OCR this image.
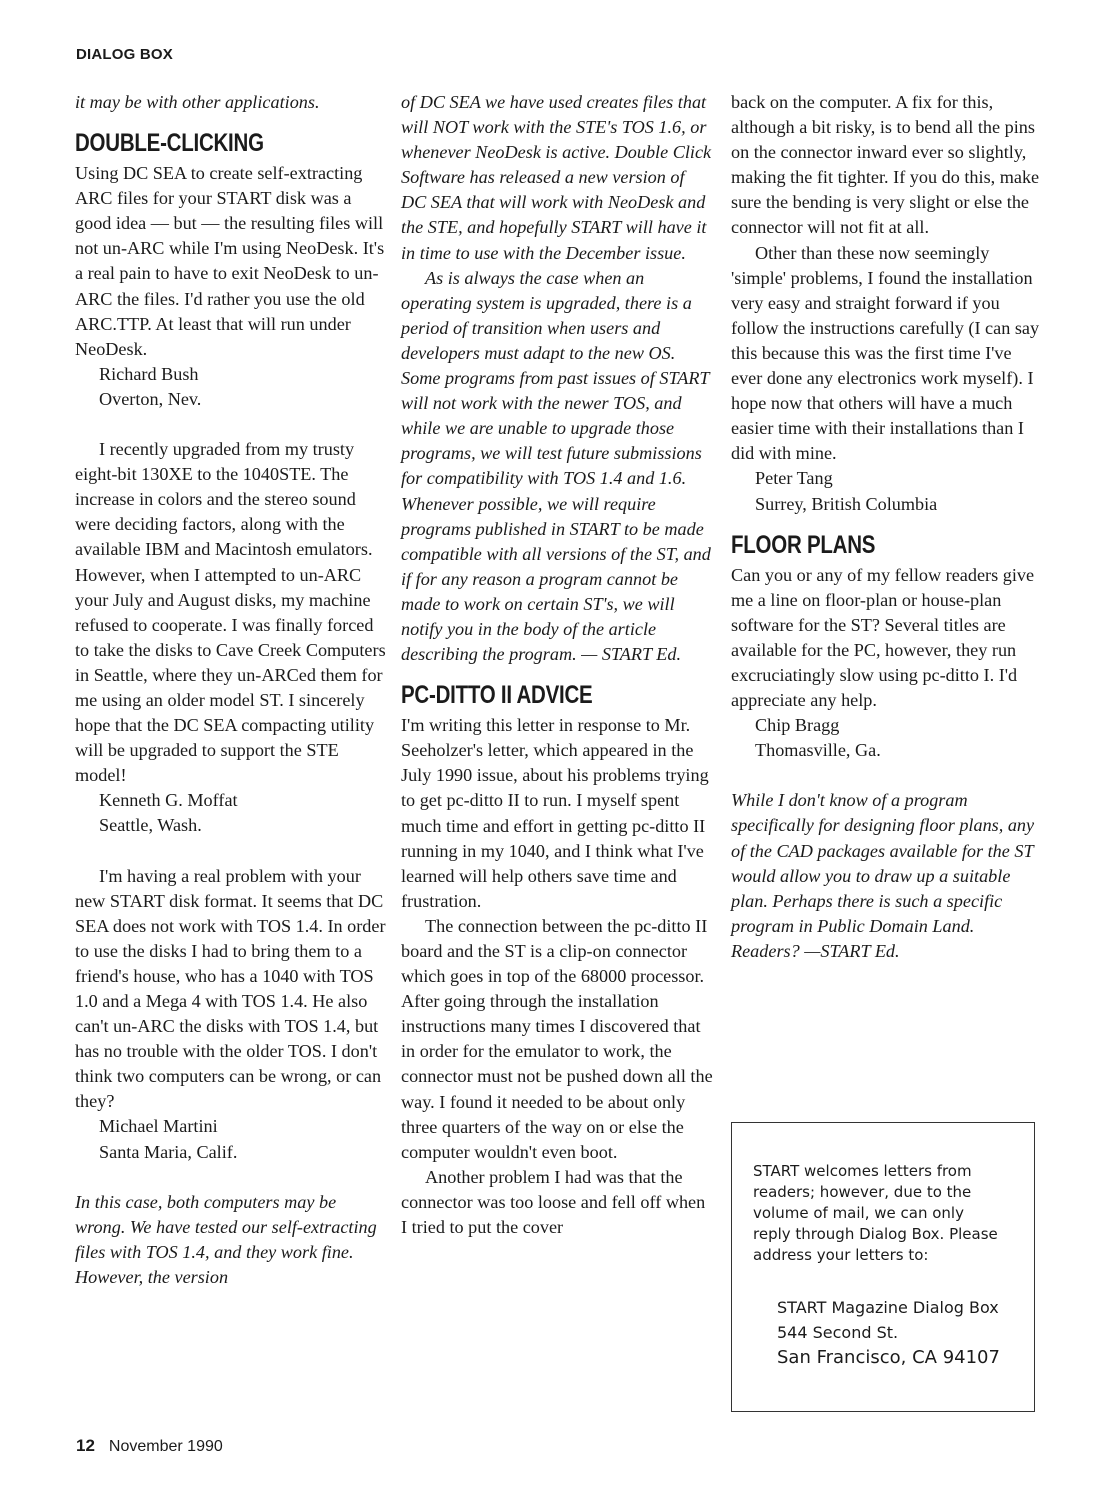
DIALOG BOX

it may be with other applications.

DOUBLE-CLICKING

Using DC SEA to create self-extracting ARC files for your START disk was a good idea — but — the resulting files will not un-ARC while I'm using NeoDesk. It's a real pain to have to exit NeoDesk to un-ARC the files. I'd rather you use the old ARC.TTP. At least that will run under NeoDesk.

Richard Bush

Overton, Nev.

I recently upgraded from my trusty eight-bit 130XE to the 1040STE. The increase in colors and the stereo sound were deciding factors, along with the available IBM and Macintosh emulators. However, when I attempted to un-ARC your July and August disks, my machine refused to cooperate. I was finally forced to take the disks to Cave Creek Computers in Seattle, where they un-ARCed them for me using an older model ST. I sincerely hope that the DC SEA compacting utility will be upgraded to support the STE model!

Kenneth G. Moffat

Seattle, Wash.

I'm having a real problem with your new START disk format. It seems that DC SEA does not work with TOS 1.4. In order to use the disks I had to bring them to a friend's house, who has a 1040 with TOS 1.0 and a Mega 4 with TOS 1.4. He also can't un-ARC the disks with TOS 1.4, but has no trouble with the older TOS. I don't think two computers can be wrong, or can they?

Michael Martini

Santa Maria, Calif.

In this case, both computers may be wrong. We have tested our self-extracting files with TOS 1.4, and they work fine. However, the version

of DC SEA we have used creates files that will NOT work with the STE's TOS 1.6, or whenever NeoDesk is active. Double Click Software has released a new version of DC SEA that will work with NeoDesk and the STE, and hopefully START will have it in time to use with the December issue.

As is always the case when an operating system is upgraded, there is a period of transition when users and developers must adapt to the new OS. Some programs from past issues of START will not work with the newer TOS, and while we are unable to upgrade those programs, we will test future submissions for compatibility with TOS 1.4 and 1.6. Whenever possible, we will require programs published in START to be made compatible with all versions of the ST, and if for any reason a program cannot be made to work on certain ST's, we will notify you in the body of the article describing the program. — START Ed.

PC-DITTO II ADVICE

I'm writing this letter in response to Mr. Seeholzer's letter, which appeared in the July 1990 issue, about his problems trying to get pc-ditto II to run. I myself spent much time and effort in getting pc-ditto II running in my 1040, and I think what I've learned will help others save time and frustration.

The connection between the pc-ditto II board and the ST is a clip-on connector which goes in top of the 68000 processor. After going through the installation instructions many times I discovered that in order for the emulator to work, the connector must not be pushed down all the way. I found it needed to be about only three quarters of the way on or else the computer wouldn't even boot.

Another problem I had was that the connector was too loose and fell off when I tried to put the cover

back on the computer. A fix for this, although a bit risky, is to bend all the pins on the connector inward ever so slightly, making the fit tighter. If you do this, make sure the bending is very slight or else the connector will not fit at all.

Other than these now seemingly 'simple' problems, I found the installation very easy and straight forward if you follow the instructions carefully (I can say this because this was the first time I've ever done any electronics work myself). I hope now that others will have a much easier time with their installations than I did with mine.

Peter Tang

Surrey, British Columbia

FLOOR PLANS

Can you or any of my fellow readers give me a line on floor-plan or house-plan software for the ST? Several titles are available for the PC, however, they run excruciatingly slow using pc-ditto I. I'd appreciate any help.

Chip Bragg

Thomasville, Ga.

While I don't know of a program specifically for designing floor plans, any of the CAD packages available for the ST would allow you to draw up a suitable plan. Perhaps there is such a specific program in Public Domain Land. Readers? —START Ed.

START welcomes letters from readers; however, due to the volume of mail, we can only reply through Dialog Box. Please address your letters to:
START Magazine Dialog Box
544 Second St.
San Francisco, CA 94107
12 November 1990
